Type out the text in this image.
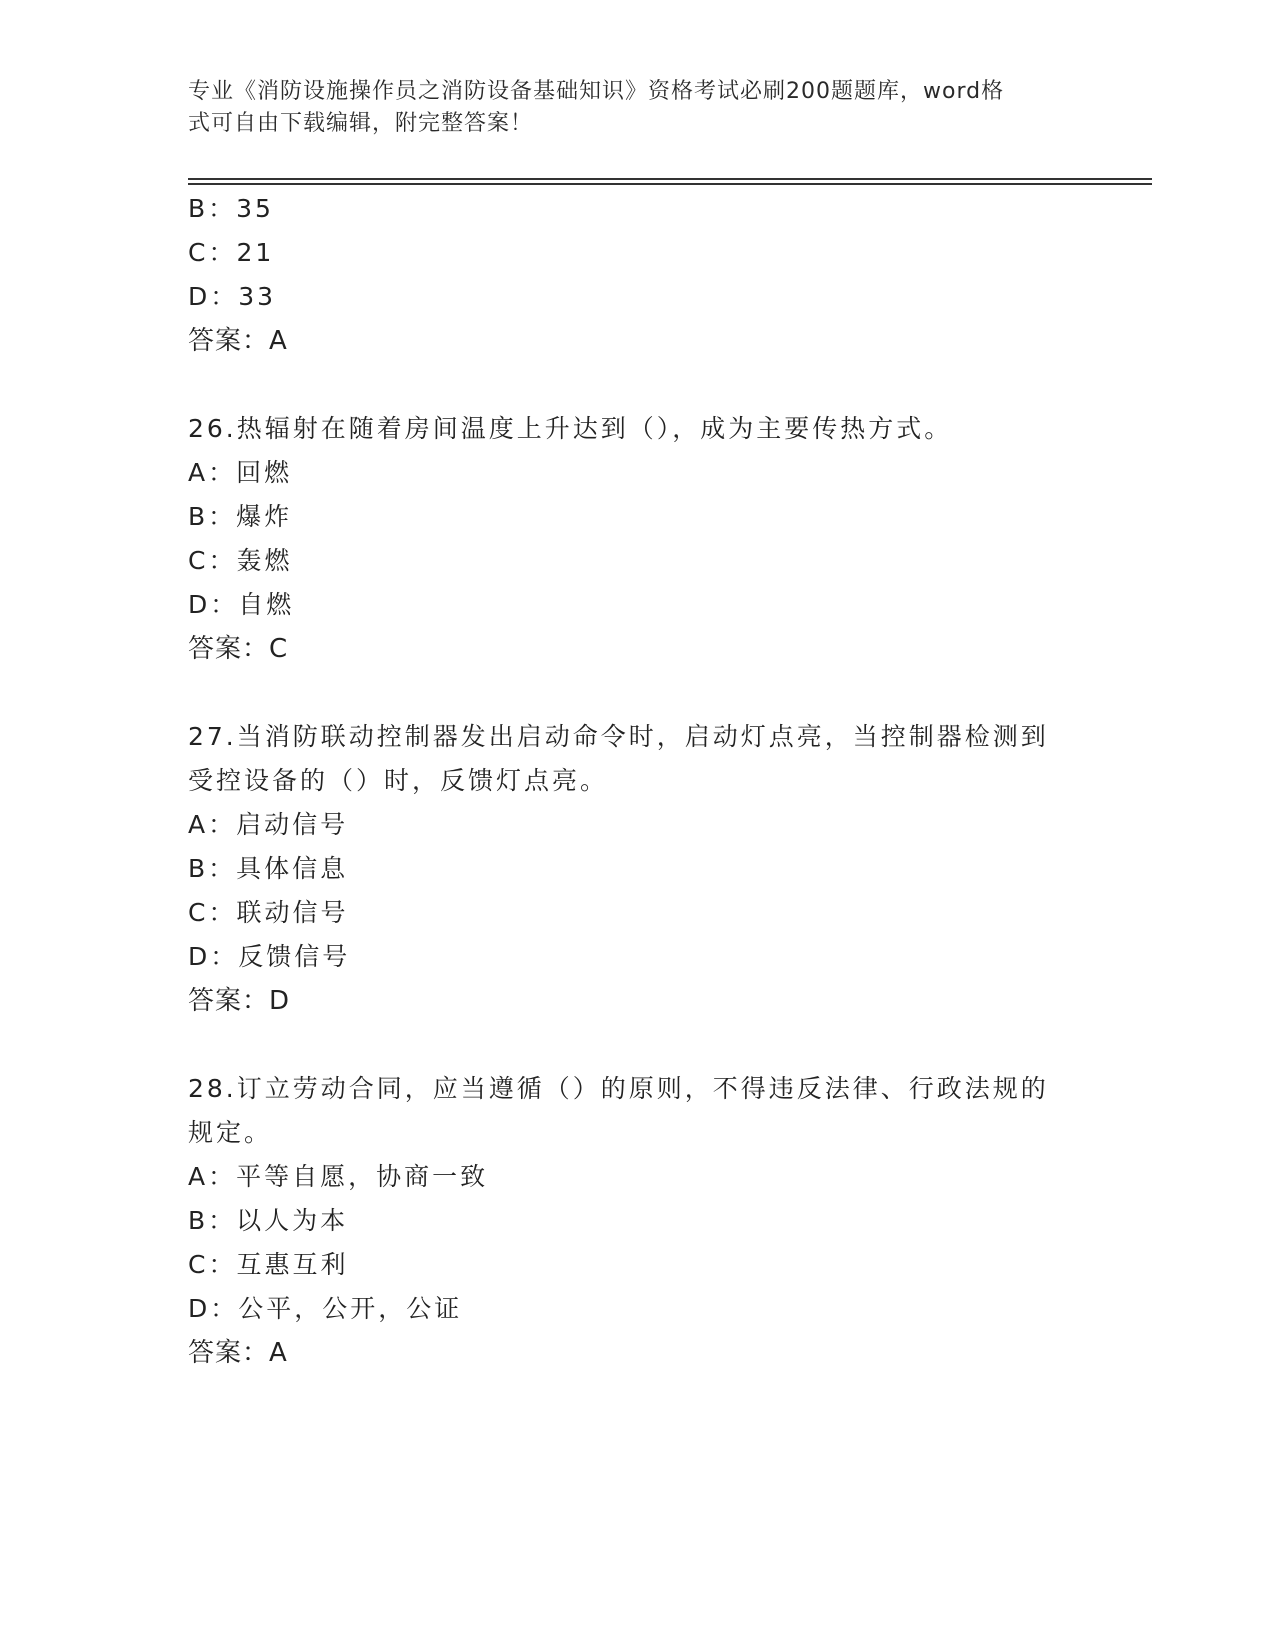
专业《消防设施操作员之消防设备基础知识》资格考试必刷200题题库，word格
式可自由下载编辑，附完整答案！
B：35
C：21
D：33
答案：A
26.热辐射在随着房间温度上升达到（），成为主要传热方式。
A：回燃
B：爆炸
C：轰燃
D：自燃
答案：C
27.当消防联动控制器发出启动命令时，启动灯点亮，当控制器检测到
受控设备的（）时，反馈灯点亮。
A：启动信号
B：具体信息
C：联动信号
D：反馈信号
答案：D
28.订立劳动合同，应当遵循（）的原则，不得违反法律、行政法规的
规定。
A：平等自愿，协商一致
B：以人为本
C：互惠互利
D：公平，公开，公证
答案：A
